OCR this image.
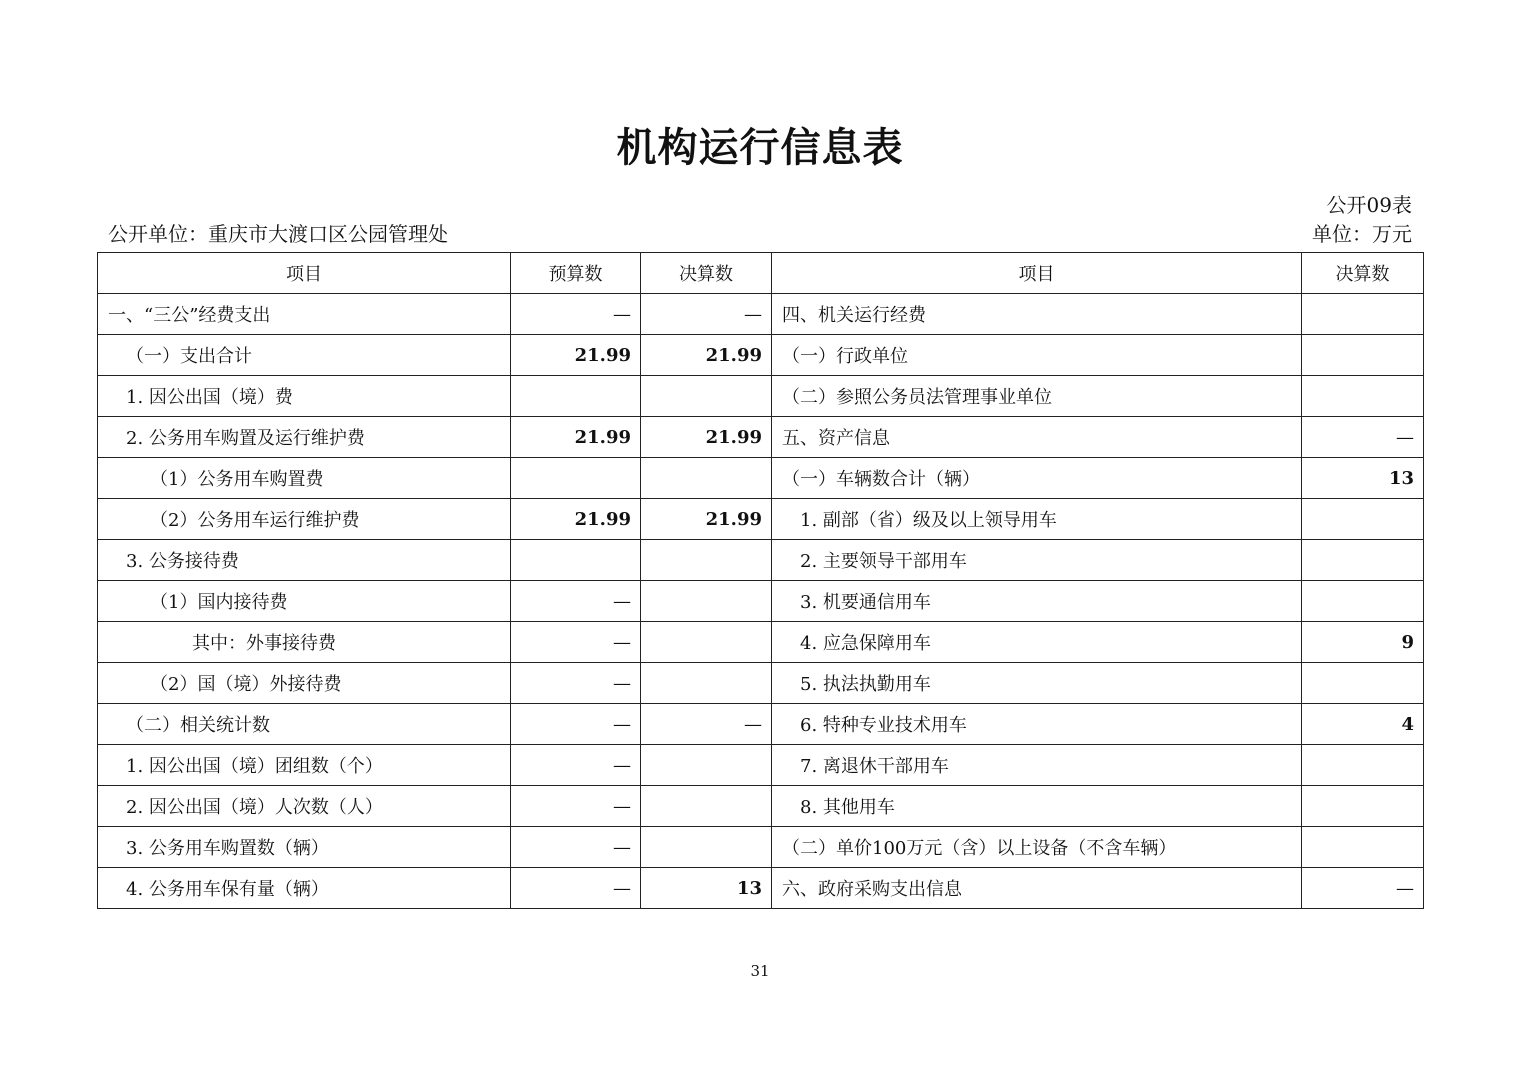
机构运行信息表
公开09表
公开单位：重庆市大渡口区公园管理处	单位：万元
项目	预算数	决算数	项目	决算数
一、“三公”经费支出	—	—	四、机关运行经费	
（一）支出合计	21.99	21.99	（一）行政单位	
1. 因公出国（境）费			（二）参照公务员法管理事业单位	
2. 公务用车购置及运行维护费	21.99	21.99	五、资产信息	—
（1）公务用车购置费			（一）车辆数合计（辆）	13
（2）公务用车运行维护费	21.99	21.99	1. 副部（省）级及以上领导用车	
3. 公务接待费			2. 主要领导干部用车	
（1）国内接待费	—		3. 机要通信用车	
其中：外事接待费	—		4. 应急保障用车	9
（2）国（境）外接待费	—		5. 执法执勤用车	
（二）相关统计数	—	—	6. 特种专业技术用车	4
1. 因公出国（境）团组数（个）	—		7. 离退休干部用车	
2. 因公出国（境）人次数（人）	—		8. 其他用车	
3. 公务用车购置数（辆）	—		（二）单价100万元（含）以上设备（不含车辆）	
4. 公务用车保有量（辆）	—	13	六、政府采购支出信息	—
31
